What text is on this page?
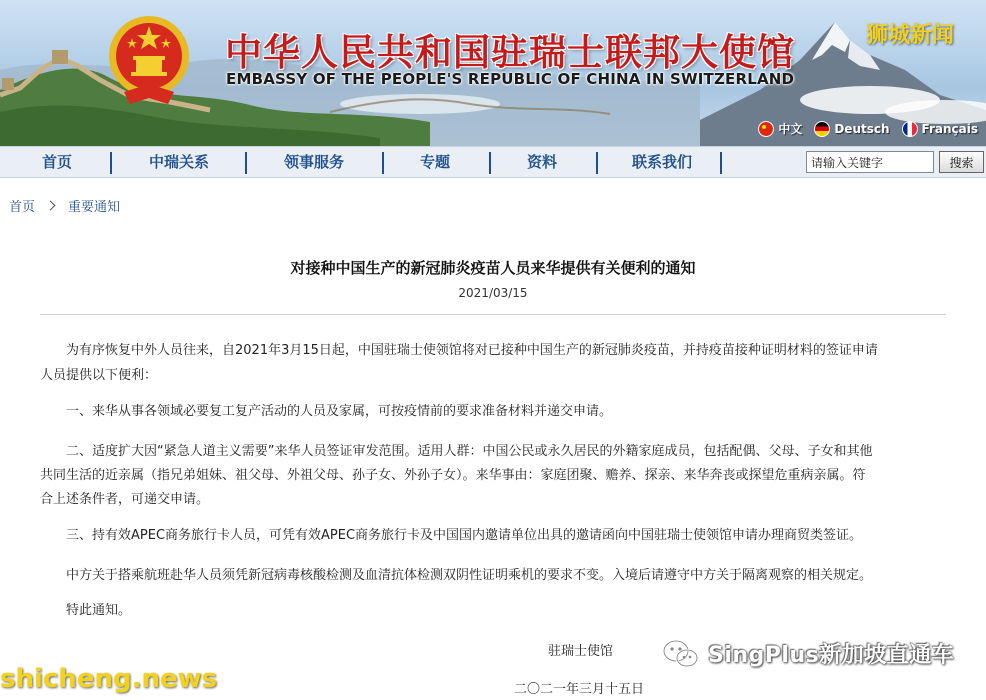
中华人民共和国驻瑞士联邦大使馆
EMBASSY OF THE PEOPLE'S REPUBLIC OF CHINA IN SWITZERLAND
狮城新闻
中文	Deutsch	Français
首页	中瑞关系	领事服务	专题	资料	联系我们
请输入关键字	搜索
首页	重要通知
对接种中国生产的新冠肺炎疫苗人员来华提供有关便利的通知
2021/03/15
为有序恢复中外人员往来，自2021年3月15日起，中国驻瑞士使领馆将对已接种中国生产的新冠肺炎疫苗，并持疫苗接种证明材料的签证申请
人员提供以下便利：
一、来华从事各领域必要复工复产活动的人员及家属，可按疫情前的要求准备材料并递交申请。
二、适度扩大因“紧急人道主义需要”来华人员签证审发范围。适用人群：中国公民或永久居民的外籍家庭成员，包括配偶、父母、子女和其他
共同生活的近亲属（指兄弟姐妹、祖父母、外祖父母、孙子女、外孙子女）。来华事由：家庭团聚、赡养、探亲、来华奔丧或探望危重病亲属。符
合上述条件者，可递交申请。
三、持有效APEC商务旅行卡人员，可凭有效APEC商务旅行卡及中国国内邀请单位出具的邀请函向中国驻瑞士使领馆申请办理商贸类签证。
中方关于搭乘航班赴华人员须凭新冠病毒核酸检测及血清抗体检测双阴性证明乘机的要求不变。入境后请遵守中方关于隔离观察的相关规定。
特此通知。
驻瑞士使馆
二〇二一年三月十五日
SingPlus新加坡直通车
shicheng.news
